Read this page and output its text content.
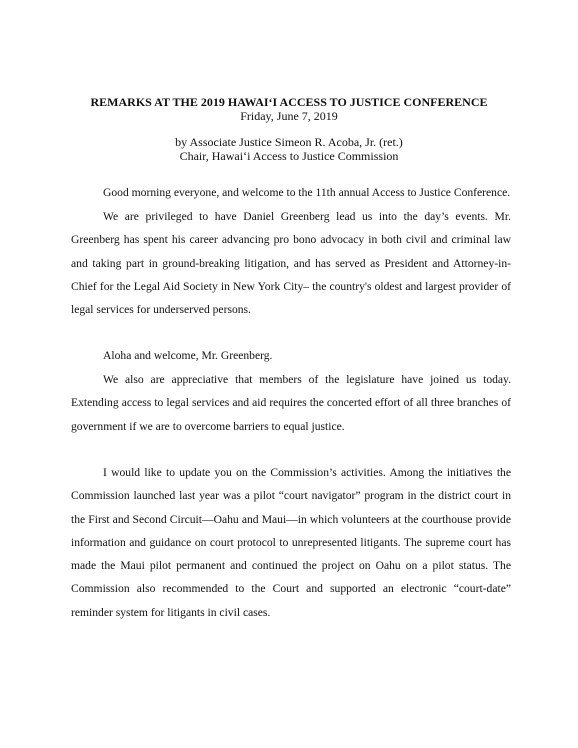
REMARKS AT THE 2019 HAWAI‘I ACCESS TO JUSTICE CONFERENCE
Friday, June 7, 2019
by Associate Justice Simeon R. Acoba, Jr. (ret.)
Chair, Hawai‘i Access to Justice Commission

Good morning everyone, and welcome to the 11th annual Access to Justice Conference.

We are privileged to have Daniel Greenberg lead us into the day’s events. Mr. Greenberg has spent his career advancing pro bono advocacy in both civil and criminal law and taking part in ground-breaking litigation, and has served as President and Attorney-in-Chief for the Legal Aid Society in New York City– the country's oldest and largest provider of legal services for underserved persons.

Aloha and welcome, Mr. Greenberg.

We also are appreciative that members of the legislature have joined us today. Extending access to legal services and aid requires the concerted effort of all three branches of government if we are to overcome barriers to equal justice.

I would like to update you on the Commission’s activities. Among the initiatives the Commission launched last year was a pilot “court navigator” program in the district court in the First and Second Circuit—Oahu and Maui—in which volunteers at the courthouse provide information and guidance on court protocol to unrepresented litigants. The supreme court has made the Maui pilot permanent and continued the project on Oahu on a pilot status. The Commission also recommended to the Court and supported an electronic “court-date” reminder system for litigants in civil cases.
